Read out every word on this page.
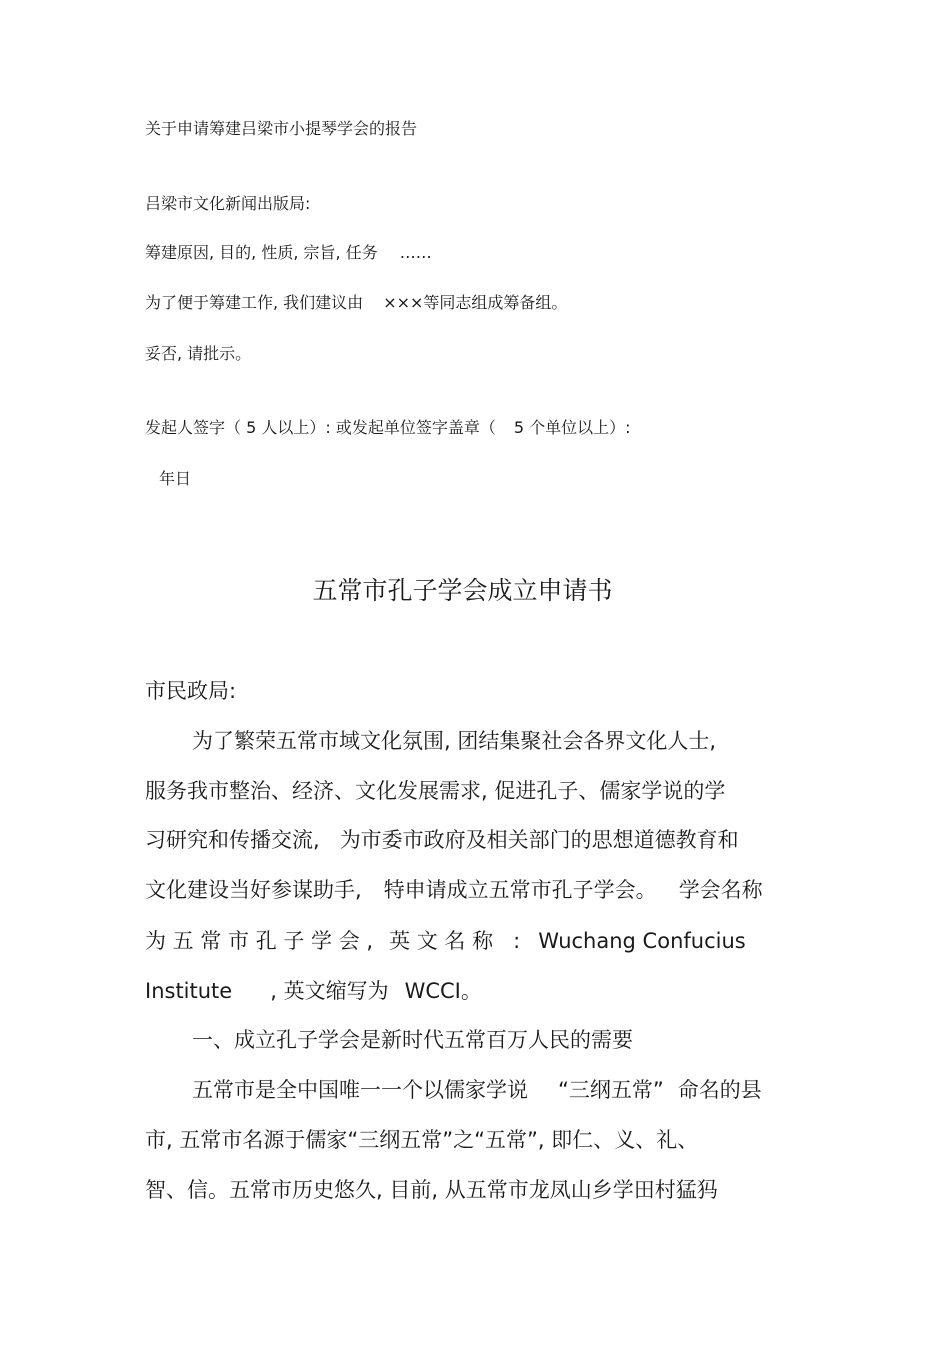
关于申请筹建吕梁市小提琴学会的报告
吕梁市文化新闻出版局:
筹建原因, 目的, 性质, 宗旨, 任务 ……
为了便于筹建工作, 我们建议由 ×××等同志组成筹备组。
妥否, 请批示。
发起人签字（ 5 人以上）: 或发起单位签字盖章（ 5 个单位以上）:
年日
五常市孔子学会成立申请书
市民政局:
为了繁荣五常市域文化氛围, 团结集聚社会各界文化人士,
服务我市整治、经济、文化发展需求, 促进孔子、儒家学说的学
习研究和传播交流, 为市委市政府及相关部门的思想道德教育和
文化建设当好参谋助手, 特申请成立五常市孔子学会。 学会名称
为 五 常 市 孔 子 学 会 , 英 文 名 称 : Wuchang Confucius
Institute , 英文缩写为 WCCI。
一、成立孔子学会是新时代五常百万人民的需要
五常市是全中国唯一一个以儒家学说 “三纲五常” 命名的县
市, 五常市名源于儒家“三纲五常”之“五常”, 即仁、义、礼、
智、信。五常市历史悠久, 目前, 从五常市龙凤山乡学田村猛犸
